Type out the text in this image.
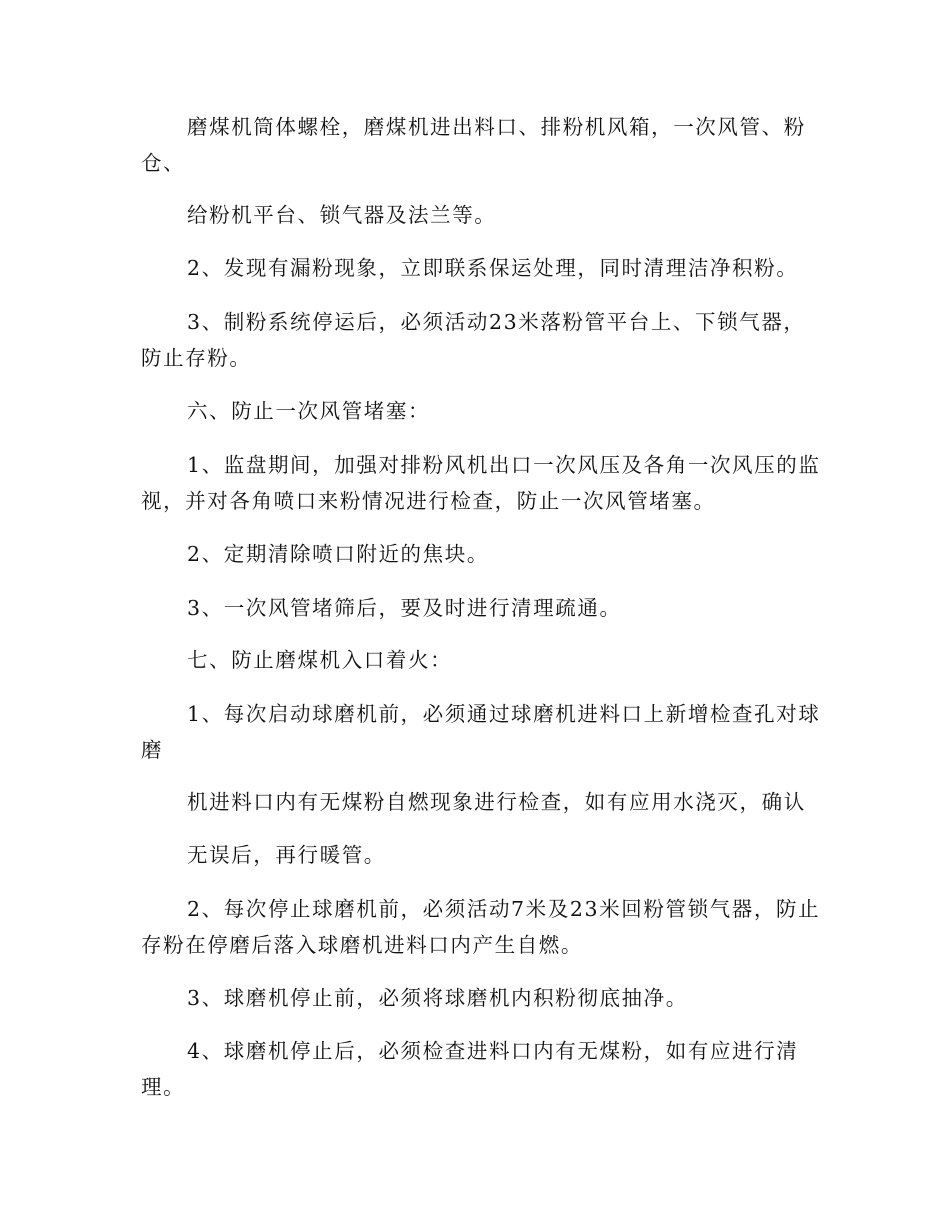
磨煤机筒体螺栓，磨煤机进出料口、排粉机风箱，一次风管、粉
仓、
给粉机平台、锁气器及法兰等。
2、发现有漏粉现象，立即联系保运处理，同时清理洁净积粉。
3、制粉系统停运后，必须活动23米落粉管平台上、下锁气器，
防止存粉。
六、防止一次风管堵塞：
1、监盘期间，加强对排粉风机出口一次风压及各角一次风压的监
视，并对各角喷口来粉情况进行检查，防止一次风管堵塞。
2、定期清除喷口附近的焦块。
3、一次风管堵筛后，要及时进行清理疏通。
七、防止磨煤机入口着火：
1、每次启动球磨机前，必须通过球磨机进料口上新增检查孔对球
磨
机进料口内有无煤粉自燃现象进行检查，如有应用水浇灭，确认
无误后，再行暖管。
2、每次停止球磨机前，必须活动7米及23米回粉管锁气器，防止
存粉在停磨后落入球磨机进料口内产生自燃。
3、球磨机停止前，必须将球磨机内积粉彻底抽净。
4、球磨机停止后，必须检查进料口内有无煤粉，如有应进行清
理。
